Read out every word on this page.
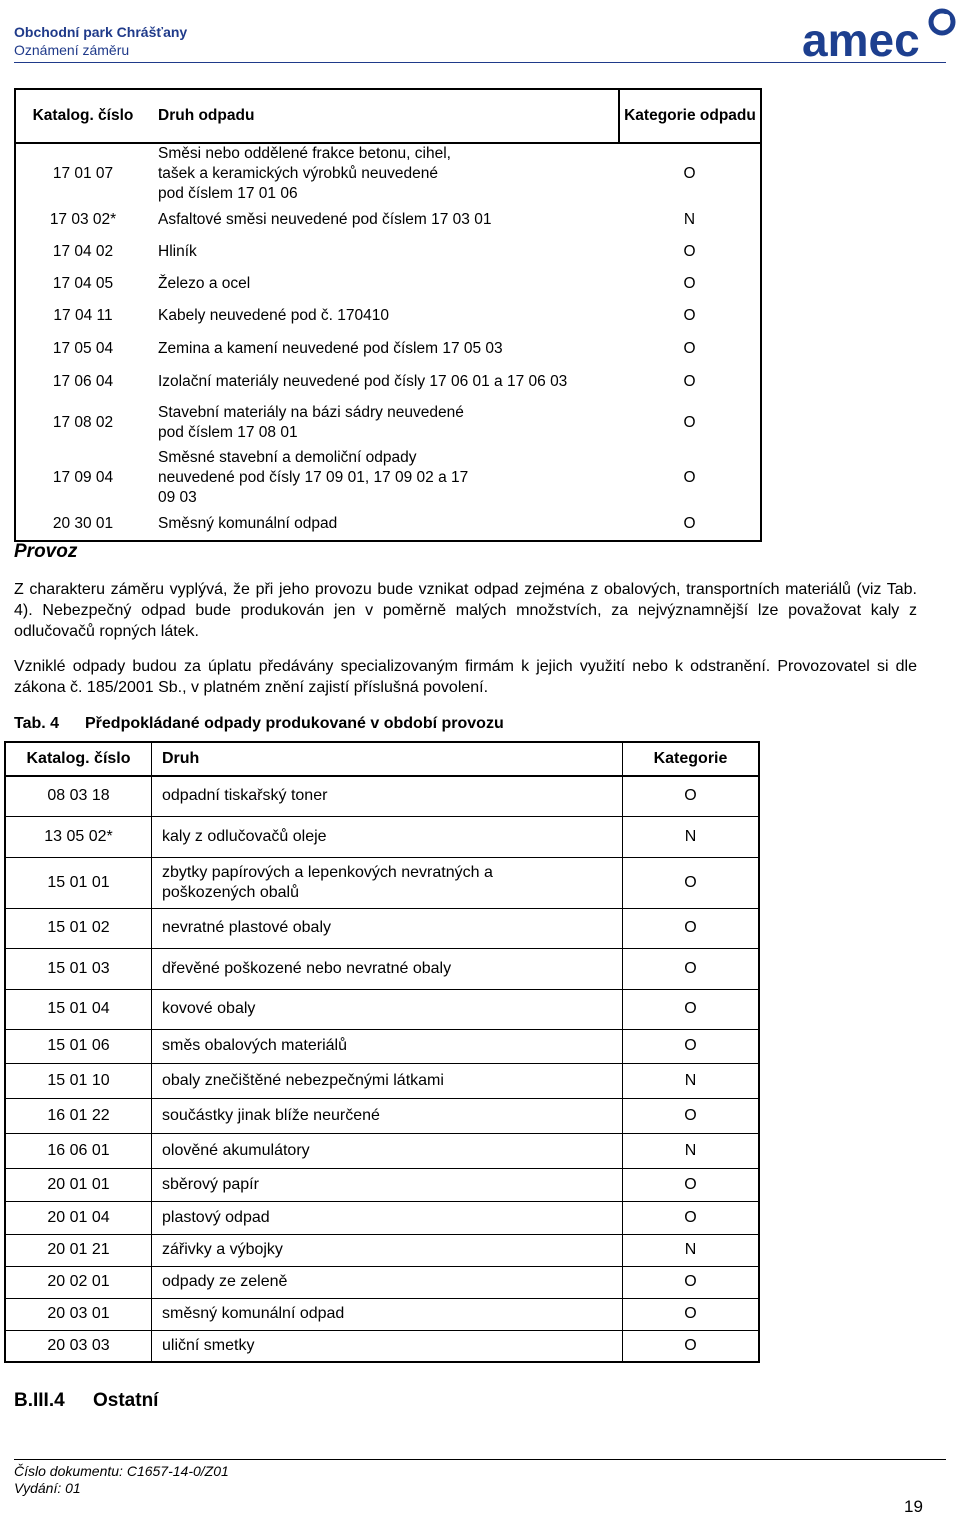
Obchodní park Chrášťany
Oznámení záměru	amec
Katalog. číslo	Druh odpadu	Kategorie odpadu
17 01 07	Směsi nebo oddělené frakce betonu, cihel, tašek a keramických výrobků neuvedené pod číslem 17 01 06	O
17 03 02*	Asfaltové směsi neuvedené pod číslem 17 03 01	N
17 04 02	Hliník	O
17 04 05	Železo a ocel	O
17 04 11	Kabely neuvedené pod č. 170410	O
17 05 04	Zemina a kamení neuvedené pod číslem 17 05 03	O
17 06 04	Izolační materiály neuvedené pod čísly 17 06 01 a 17 06 03	O
17 08 02	Stavební materiály na bázi sádry neuvedené pod číslem 17 08 01	O
17 09 04	Směsné stavební a demoliční odpady neuvedené pod čísly 17 09 01, 17 09 02 a 17 09 03	O
20 30 01	Směsný komunální odpad	O
Provoz
Z charakteru záměru vyplývá, že při jeho provozu bude vznikat odpad zejména z obalových, transportních materiálů (viz Tab. 4). Nebezpečný odpad bude produkován jen v poměrně malých množstvích, za nejvýznamnější lze považovat kaly z odlučovačů ropných látek.
Vzniklé odpady budou za úplatu předávány specializovaným firmám k jejich využití nebo k odstranění. Provozovatel si dle zákona č. 185/2001 Sb., v platném znění zajistí příslušná povolení.
Tab. 4 Předpokládané odpady produkované v období provozu
Katalog. číslo	Druh	Kategorie
08 03 18	odpadní tiskařský toner	O
13 05 02*	kaly z odlučovačů oleje	N
15 01 01	zbytky papírových a lepenkových nevratných a poškozených obalů	O
15 01 02	nevratné plastové obaly	O
15 01 03	dřevěné poškozené nebo nevratné obaly	O
15 01 04	kovové obaly	O
15 01 06	směs obalových materiálů	O
15 01 10	obaly znečištěné nebezpečnými látkami	N
16 01 22	součástky jinak blíže neurčené	O
16 06 01	olověné akumulátory	N
20 01 01	sběrový papír	O
20 01 04	plastový odpad	O
20 01 21	zářivky a výbojky	N
20 02 01	odpady ze zeleně	O
20 03 01	směsný komunální odpad	O
20 03 03	uliční smetky	O
B.III.4 Ostatní
Číslo dokumentu: C1657-14-0/Z01
Vydání: 01
19
